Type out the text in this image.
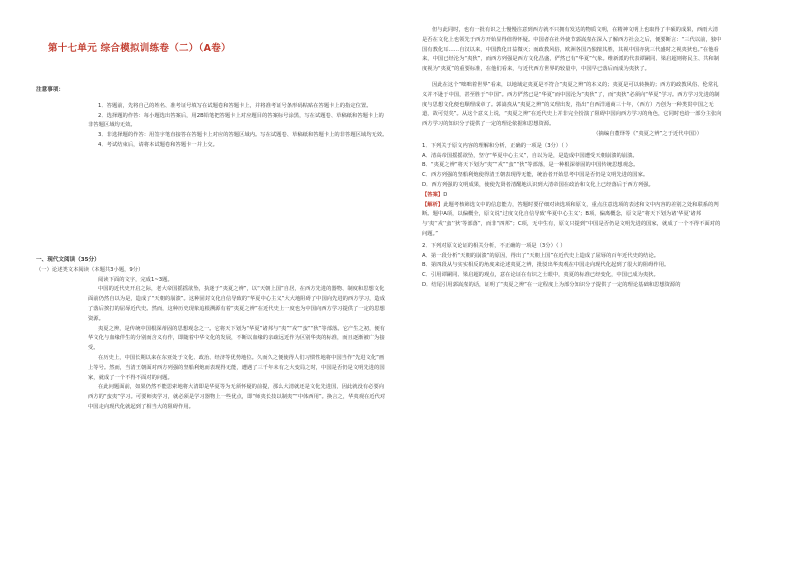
第十七单元 综合模拟训练卷（二）（A卷）

注意事项：

1．答题前，先将自己的姓名、准考证号填写在试题卷和答题卡上，并将准考证号条形码粘贴在答题卡上的指定位置。

2．选择题的作答：每小题选出答案后，用2B铅笔把答题卡上对应题目的答案标号涂黑，写在试题卷、草稿纸和答题卡上的非答题区域均无效。

3．非选择题的作答：用签字笔直接答在答题卡上对应的答题区域内。写在试题卷、草稿纸和答题卡上的非答题区域均无效。

4．考试结束后，请将本试题卷和答题卡一并上交。

一、现代文阅读（35分）

（一）论述类文本阅读（本题共3小题，9分）

阅读下面的文字，完成1~3题。

中国的近代史开启之际，老大帝国摇摇欲坠，执迷于“夷夏之辨”，以“天朝上国”自居，在西方先进的器物、制度和思想文化面前仍然自以为是，造成了“天朝的崩溃”。这种固封文化自信导致的“华夏中心主义”大大地阻碍了中国向先进的西方学习，造成了落后挨打的屈辱近代史。然而，这种历史现象追根溯源有着“夷夏之辨”在近代史上一度也为中国向西方学习提供了一定的思想资源。

夷夏之辨，是传统中国根深蒂固的思想观念之一。它将天下划为“华夏”诸邦与“夷”“戎”“蛮”“狄”等部落。它产生之初，便有华文化与血缘伴生的分别而含义有作，即随着中华文化的发展，不断以血缘的亲疏远近作为区别华夷的标准，而且逐渐被广为接受。

在历史上，中国长期以来在东亚处于文化、政治、经济等优势地位。久而久之便使得人们习惯性地将中国当作“先进文化”画上等号。然而，当清王朝面对西方列强的坚船利炮而表现得无能，遭遇了三千年未有之大变局之时，中国是否仍是文明先进的国家，就成了一个不得不面对的问题。

在此问题面前，如果仍然不能思索地将大清即是华夏等为无须怀疑的前提，那么大清就还是文化先进国，因此就没有必要向西方的“蛮夷”学习。可要师夷学习，就必须是学习器物上一些优点，即“师夷长技以制夷”“中体西用”。换言之，华夷观在近代对中国走向现代化就起到了相当大的阻碍作用。

但与此同时，也有一批有识之士慢慢注意到西方就不只拥有发达的物质文明，在精神文明上也取得了丰硕的成果，西雨大清是否在文化上也领先于西方开始显得值得怀疑。中国者在社外使节郭嵩焘在深入了解西方社会之后，便要断言：“三代以前，独中国有教化耳……自汉以来，中国教化日益微灭；而政教风俗，欧洲各国乃独擅其胜，其视中国亦犹三代盛时之视夷狄也。”在他看来，中国已经沦为“夷狄”，而西方列强是西方文化昌盛，俨然已有“华夏”气象。维新派的代表谭嗣同、梁启超则将民主、共和制度视为“夷夏”的重要标准，在他们看来，与近代西方世界的较量中，中国早已落后而成为夷狄了。

因此在这个“咄咄着世界”看来，以地域定夷夏是不符合“夷夏之辨”的本义的；夷夏是可以转换的；西方的政教风俗、伦常礼义并不逊于中国，甚至胜于“中国”。西方俨然已是“华夏”而中国沦为“夷狄”了，而“夷狄”必须向“华夏”学习。西方学习先进的制度与思想文化便也顺理成章了。郭嵩焘从“夷夏之辨”的义理出发，指出“自西洋通商三十年，（西方）乃创为一种类贯中国之无道，故可觉矣”。从这个意义上说，“夷夏之辨”在近代史上并非完全扮演了阻碍中国向西方学习的角色，它同时也给一部分主张向西方学习的知识分子提供了一定的理论依据和思想资源。

（摘编自董绎等《“夷夏之辨”之于近代中国》）

1．下列关于原文内容的理解和分析，正确的一项是（3分）（ ）

A．清高帝国摇摇欲坠，坚守“华夏中心主义”，自以为是，是造成中国遭受天朝崩溃的崩溃。

B．“夷夏之辨”将天下划为“夷”“戎”“蛮”“狄”等部落，是一种根深蒂固的中国传统思想观念。

C．西方列强的坚船利炮使得清王朝表现得无能，统治者开始思考中国是否仍是文明先进的国家。

D．西方列强的文明成果，使使先贤者清醒地认识到大清帝国在政治和文化上已经落后于西方列强。

【答案】D

【解析】此题考核筛选文中的信息能力，答题时要仔细对读选项和原文，重点注意选项的表述和文中内容的差别之处和联系的判断。题中A项，以偏概全，原文说“过度文化自信导致‘华夏中心主义’；B项，偏离概念，原文是“将天下划为诸‘华夏’诸邦与‘夷’‘戎’‘蛮’‘狄’等部落”，而非“四邦”；C项，无中生有，原文只提到“中国是否仍是文明先进的国家，就成了一个不得不面对的问题。”

2．下列对原文论证的相关分析，不正确的一项是（3分）（ ）

A．第一段分析“天朝的崩溃”的原因，得出了“天朝上国”在近代史上造成了屈辱的百年近代史的结论。

B．第四段从与实实相反的角度来论述夷夏之辨，批驳出华夷观在中国走向现代化起到了很大的阻碍作用。

C．引用谭嗣同、梁启超的观点，意在论证在有识之士眼中，夷夏的标准已经变化，中国已成为夷狄。

D．结尾引用郭嵩焘的话，证明了“夷夏之辨”在一定程度上为部分知识分子提供了一定的理论基础和思想资源的
